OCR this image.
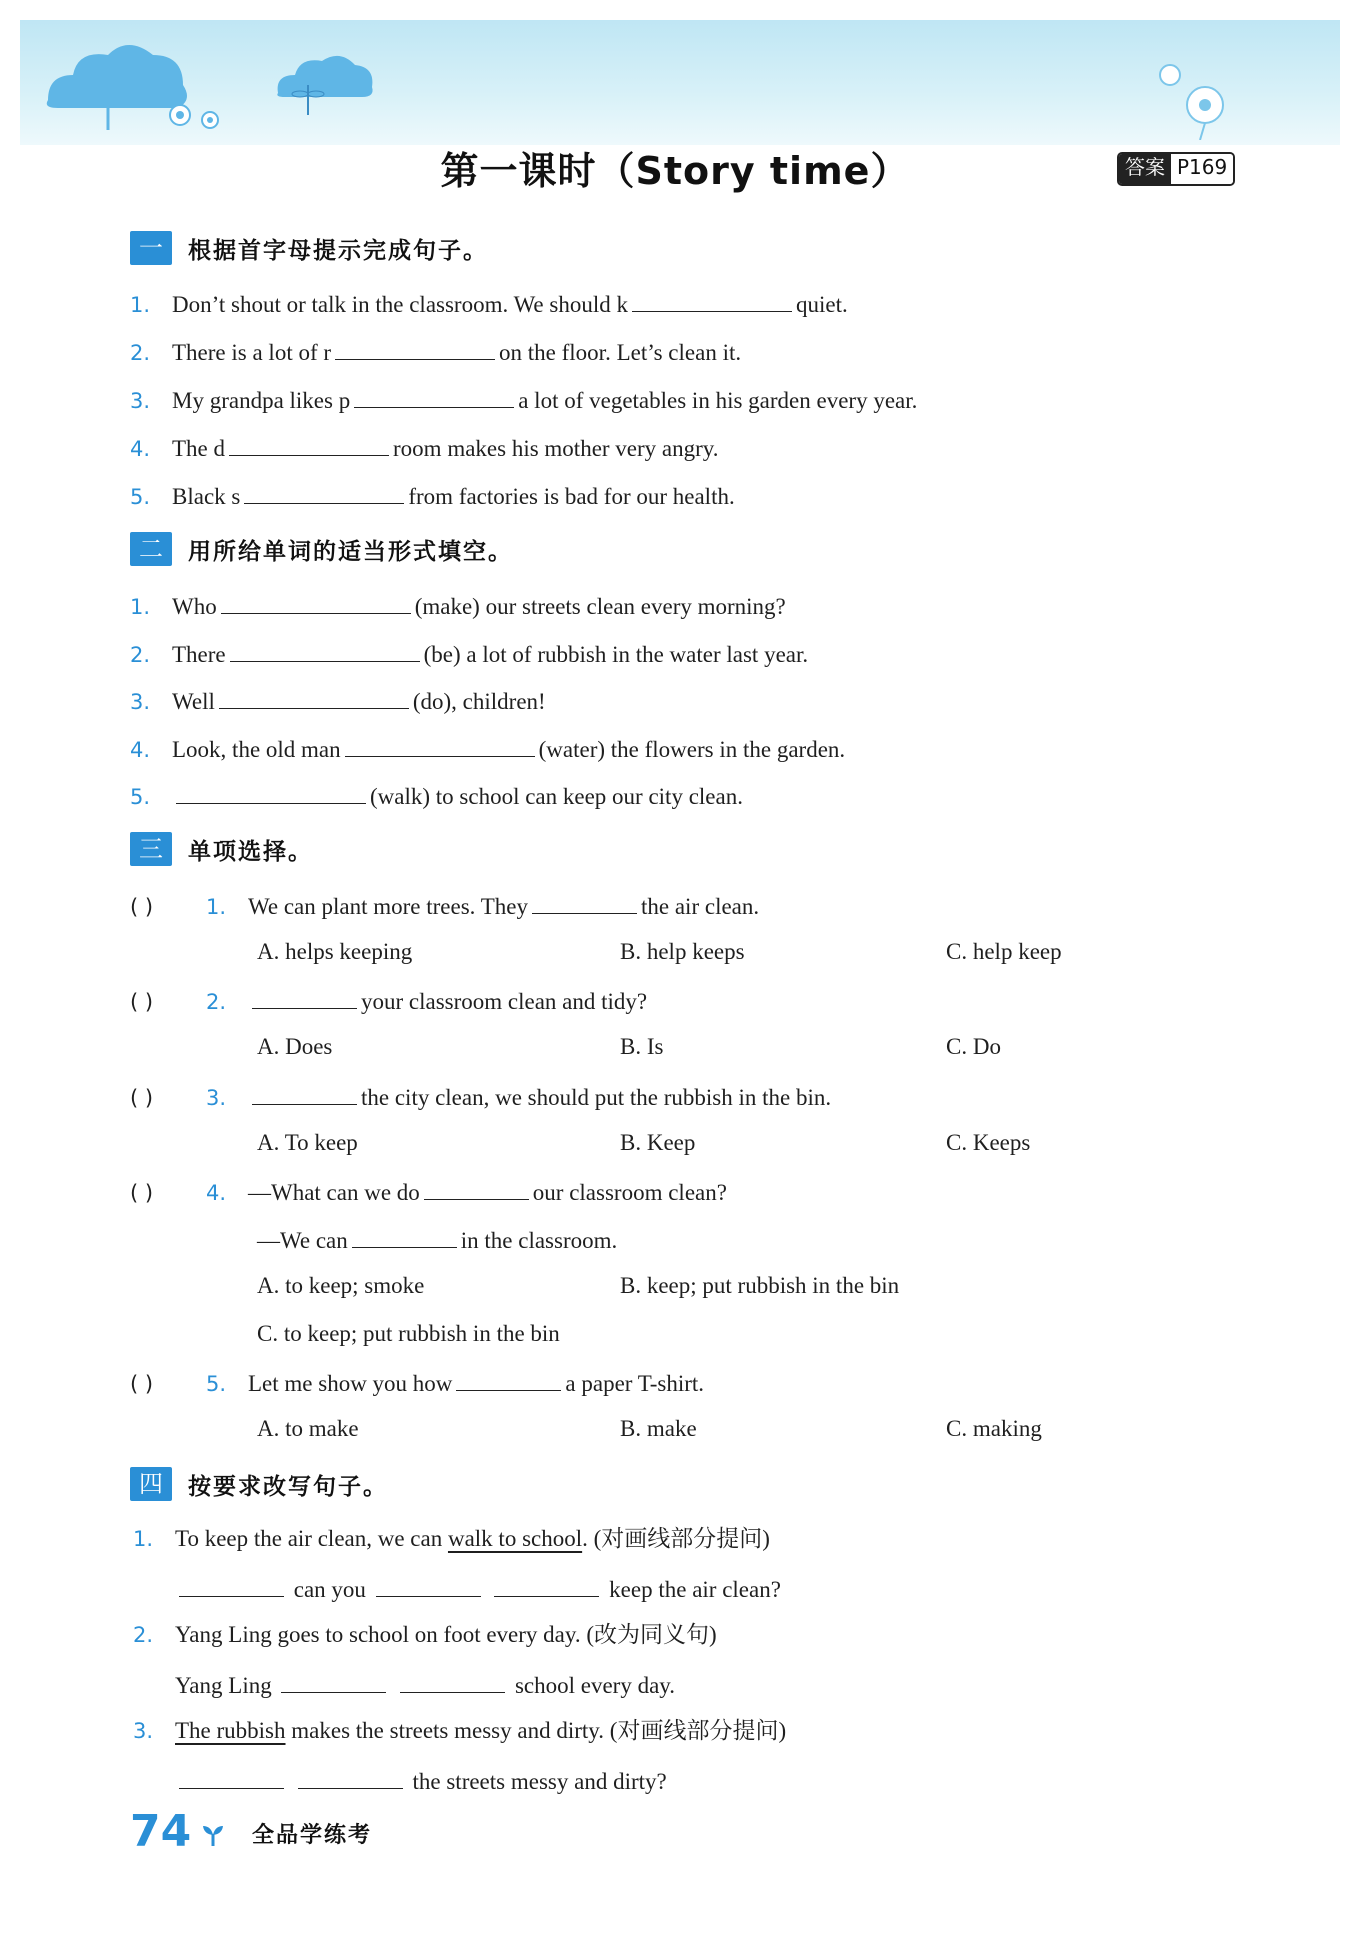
第一课时（Story time）	答案 P169
一	根据首字母提示完成句子。
1. Don’t shout or talk in the classroom. We should k	quiet.
2. There is a lot of r	on the floor. Let’s clean it.
3. My grandpa likes p	a lot of vegetables in his garden every year.
4. The d	room makes his mother very angry.
5. Black s	from factories is bad for our health.
二	用所给单词的适当形式填空。
1. Who	(make) our streets clean every morning?
2. There	(be) a lot of rubbish in the water last year.
3. Well	(do), children!
4. Look, the old man	(water) the flowers in the garden.
5.	(walk) to school can keep our city clean.
三	单项选择。
( )	1. We can plant more trees. They	the air clean.
A. helps keeping	B. help keeps	C. help keep
( )	2.	your classroom clean and tidy?
A. Does	B. Is	C. Do
( )	3.	the city clean, we should put the rubbish in the bin.
A. To keep	B. Keep	C. Keeps
( )	4. —What can we do	our classroom clean?
—We can	in the classroom.
A. to keep; smoke	B. keep; put rubbish in the bin
C. to keep; put rubbish in the bin
( )	5. Let me show you how	a paper T-shirt.
A. to make	B. make	C. making
四	按要求改写句子。
1. To keep the air clean, we can walk to school. (对画线部分提问)
can you	keep the air clean?
2. Yang Ling goes to school on foot every day. (改为同义句)
Yang Ling	school every day.
3. The rubbish makes the streets messy and dirty. (对画线部分提问)
the streets messy and dirty?
74	全品学练考
